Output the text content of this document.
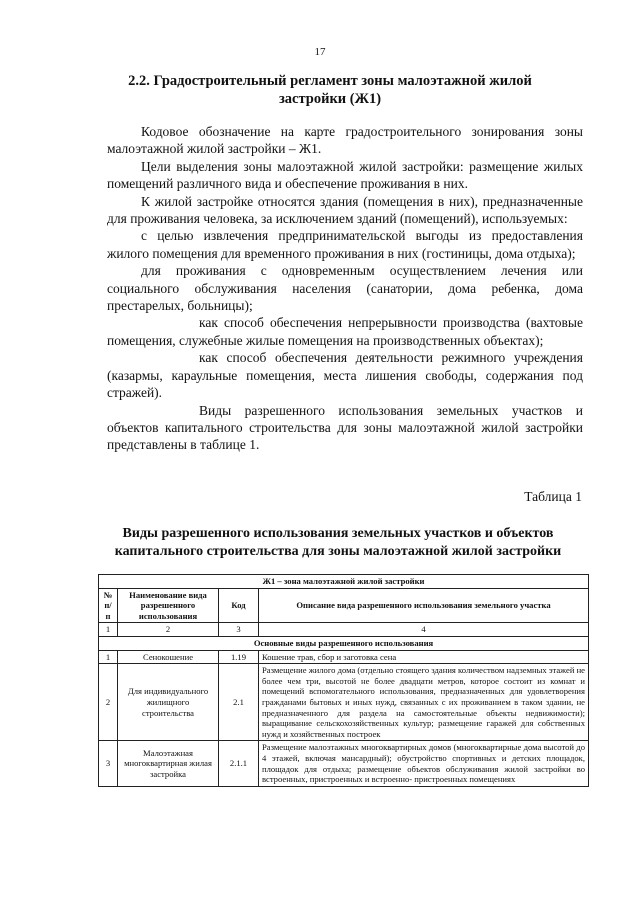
17
2.2. Градостроительный регламент зоны малоэтажной жилой застройки (Ж1)

Кодовое обозначение на карте градостроительного зонирования зоны малоэтажной жилой застройки – Ж1.

Цели выделения зоны малоэтажной жилой застройки: размещение жилых помещений различного вида и обеспечение проживания в них.

К жилой застройке относятся здания (помещения в них), предназначенные для проживания человека, за исключением зданий (помещений), используемых:

с целью извлечения предпринимательской выгоды из предоставления жилого помещения для временного проживания в них (гостиницы, дома отдыха);

для проживания с одновременным осуществлением лечения или социального обслуживания населения (санатории, дома ребенка, дома престарелых, больницы);

как способ обеспечения непрерывности производства (вахтовые помещения, служебные жилые помещения на производственных объектах);

как способ обеспечения деятельности режимного учреждения (казармы, караульные помещения, места лишения свободы, содержания под стражей).

Виды разрешенного использования земельных участков и объектов капитального строительства для зоны малоэтажной жилой застройки представлены в таблице 1.

Таблица 1
Виды разрешенного использования земельных участков и объектов капитального строительства для зоны малоэтажной жилой застройки
Ж1 – зона малоэтажной жилой застройки			
№ п/п	Наименование вида разрешенного использования	Код	Описание вида разрешенного использования земельного участка
1	2	3	4
Основные виды разрешенного использования			
1	Сенокошение	1.19	Кошение трав, сбор и заготовка сена
2	Для индивидуального жилищного строительства	2.1	Размещение жилого дома (отдельно стоящего здания количеством надземных этажей не более чем три, высотой не более двадцати метров, которое состоит из комнат и помещений вспомогательного использования, предназначенных для удовлетворения гражданами бытовых и иных нужд, связанных с их проживанием в таком здании, не предназначенного для раздела на самостоятельные объекты недвижимости); выращивание сельскохозяйственных культур; размещение гаражей для собственных нужд и хозяйственных построек
3	Малоэтажная многоквартирная жилая застройка	2.1.1	Размещение малоэтажных многоквартирных домов (многоквартирные дома высотой до 4 этажей, включая мансардный); обустройство спортивных и детских площадок, площадок для отдыха; размещение объектов обслуживания жилой застройки во встроенных, пристроенных и встроенно- пристроенных помещениях
